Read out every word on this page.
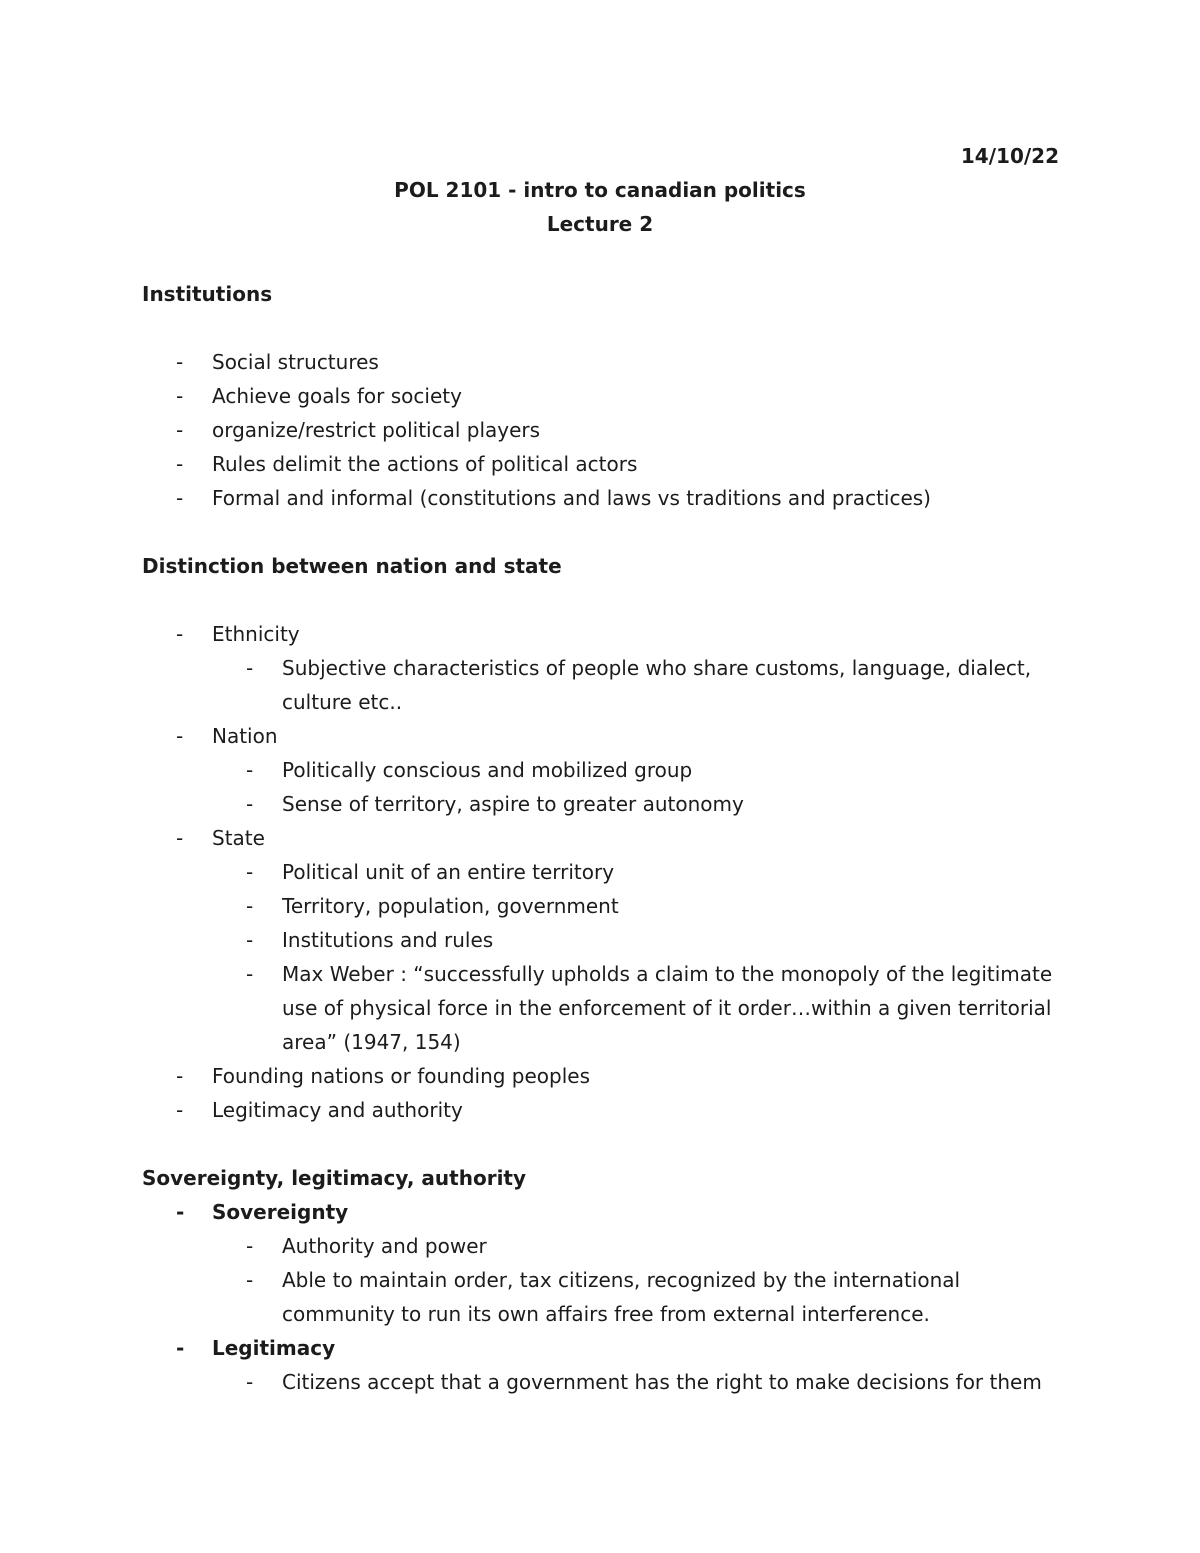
14/10/22
POL 2101 - intro to canadian politics
Lecture 2
Institutions
-	Social structures
-	Achieve goals for society
-	organize/restrict political players
-	Rules delimit the actions of political actors
-	Formal and informal (constitutions and laws vs traditions and practices)
Distinction between nation and state
-	Ethnicity
-	Subjective characteristics of people who share customs, language, dialect, culture etc..
-	Nation
-	Politically conscious and mobilized group
-	Sense of territory, aspire to greater autonomy
-	State
-	Political unit of an entire territory
-	Territory, population, government
-	Institutions and rules
-	Max Weber : “successfully upholds a claim to the monopoly of the legitimate use of physical force in the enforcement of it order…within a given territorial area” (1947, 154)
-	Founding nations or founding peoples
-	Legitimacy and authority
Sovereignty, legitimacy, authority
-	Sovereignty
-	Authority and power
-	Able to maintain order, tax citizens, recognized by the international community to run its own affairs free from external interference.
-	Legitimacy
-	Citizens accept that a government has the right to make decisions for them
